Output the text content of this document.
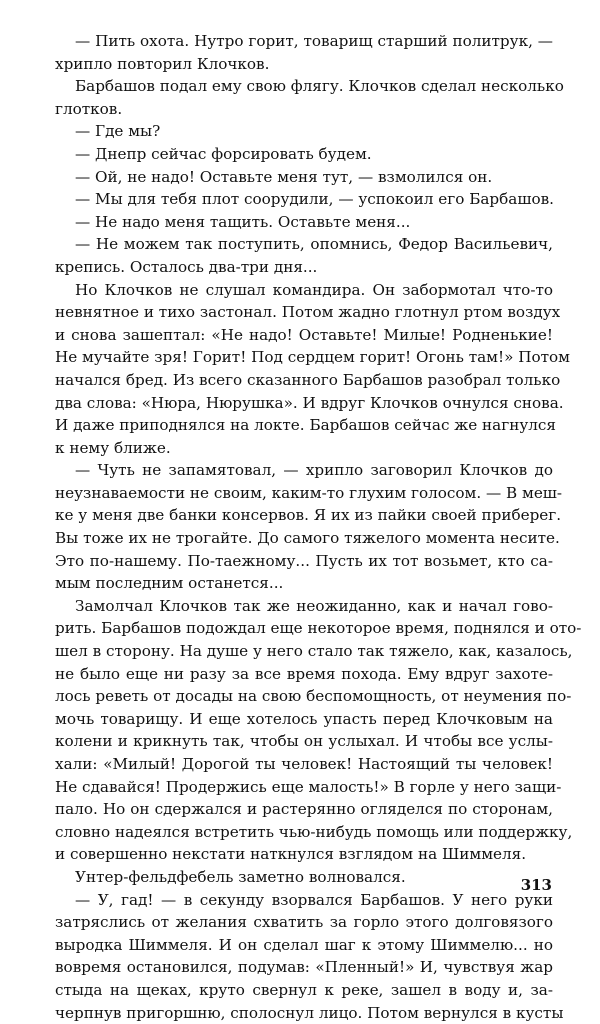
— Пить охота. Нутро горит, товарищ старший политрук, —
хрипло повторил Клочков.
Барбашов подал ему свою флягу. Клочков сделал несколько
глотков.
— Где мы?
— Днепр сейчас форсировать будем.
— Ой, не надо! Оставьте меня тут, — взмолился он.
— Мы для тебя плот соорудили, — успокоил его Барбашов.
— Не надо меня тащить. Оставьте меня...
— Не можем так поступить, опомнись, Федор Васильевич,
крепись. Осталось два-три дня...
Но Клочков не слушал командира. Он забормотал что-то
невнятное и тихо застонал. Потом жадно глотнул ртом воздух
и снова зашептал: «Не надо! Оставьте! Милые! Родненькие!
Не мучайте зря! Горит! Под сердцем горит! Огонь там!» Потом
начался бред. Из всего сказанного Барбашов разобрал только
два слова: «Нюра, Нюрушка». И вдруг Клочков очнулся снова.
И даже приподнялся на локте. Барбашов сейчас же нагнулся
к нему ближе.
— Чуть не запамятовал, — хрипло заговорил Клочков до
неузнаваемости не своим, каким-то глухим голосом. — В меш-
ке у меня две банки консервов. Я их из пайки своей приберег.
Вы тоже их не трогайте. До самого тяжелого момента несите.
Это по-нашему. По-таежному... Пусть их тот возьмет, кто са-
мым последним останется...
Замолчал Клочков так же неожиданно, как и начал гово-
рить. Барбашов подождал еще некоторое время, поднялся и ото-
шел в сторону. На душе у него стало так тяжело, как, казалось,
не было еще ни разу за все время похода. Ему вдруг захоте-
лось реветь от досады на свою беспомощность, от неумения по-
мочь товарищу. И еще хотелось упасть перед Клочковым на
колени и крикнуть так, чтобы он услыхал. И чтобы все услы-
хали: «Милый! Дорогой ты человек! Настоящий ты человек!
Не сдавайся! Продержись еще малость!» В горле у него защи-
пало. Но он сдержался и растерянно огляделся по сторонам,
словно надеялся встретить чью-нибудь помощь или поддержку,
и совершенно некстати наткнулся взглядом на Шиммеля.
Унтер-фельдфебель заметно волновался.
— У, гад! — в секунду взорвался Барбашов. У него руки
затряслись от желания схватить за горло этого долговязого
выродка Шиммеля. И он сделал шаг к этому Шиммелю... но
вовремя остановился, подумав: «Пленный!» И, чувствуя жар
стыда на щеках, круто свернул к реке, зашел в воду и, за-
черпнув пригоршню, сполоснул лицо. Потом вернулся в кусты
313
